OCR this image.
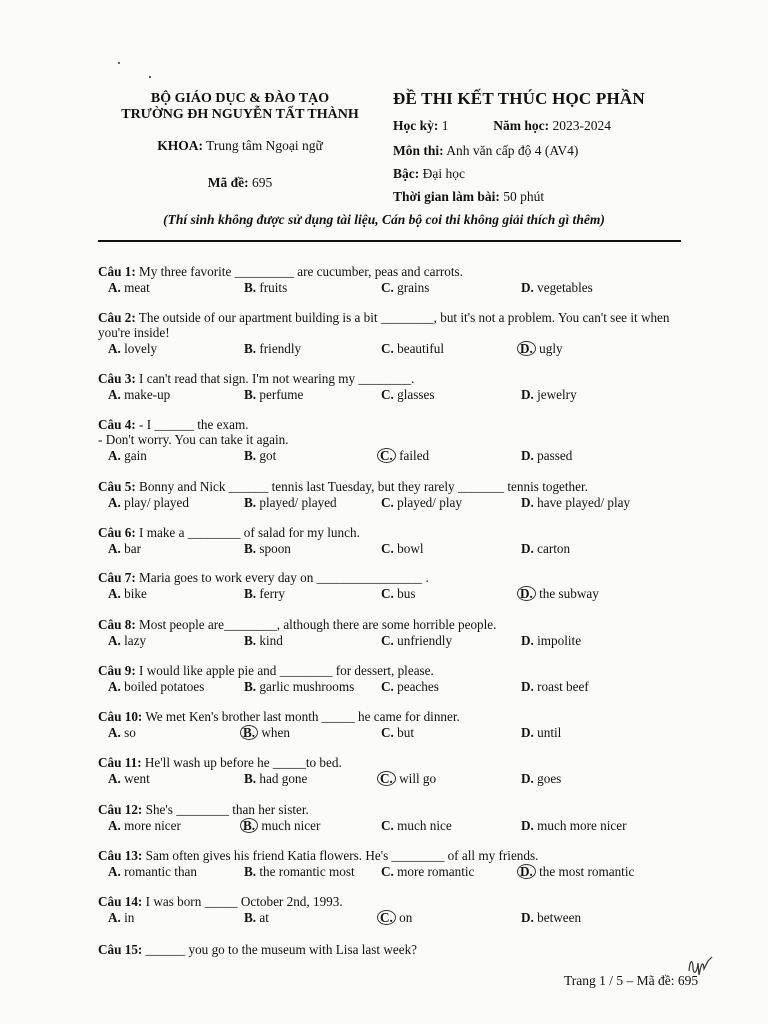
BỘ GIÁO DỤC & ĐÀO TẠO
TRƯỜNG ĐH NGUYỄN TẤT THÀNH
KHOA: Trung tâm Ngoại ngữ
Mã đề: 695
ĐỀ THI KẾT THÚC HỌC PHẦN
Học kỳ: 1	Năm học: 2023-2024
Môn thi: Anh văn cấp độ 4 (AV4)
Bậc: Đại học
Thời gian làm bài: 50 phút
(Thí sinh không được sử dụng tài liệu, Cán bộ coi thi không giải thích gì thêm)
Câu 1: My three favorite _________ are cucumber, peas and carrots.
A. meat	B. fruits	C. grains	D. vegetables
Câu 2: The outside of our apartment building is a bit ________, but it's not a problem. You can't see it when you're inside!
A. lovely	B. friendly	C. beautiful	D. ugly
Câu 3: I can't read that sign. I'm not wearing my ________.
A. make-up	B. perfume	C. glasses	D. jewelry
Câu 4: - I ______ the exam.
- Don't worry. You can take it again.
A. gain	B. got	C. failed	D. passed
Câu 5: Bonny and Nick ______ tennis last Tuesday, but they rarely _______ tennis together.
A. play/ played	B. played/ played	C. played/ play	D. have played/ play
Câu 6: I make a ________ of salad for my lunch.
A. bar	B. spoon	C. bowl	D. carton
Câu 7: Maria goes to work every day on ________________ .
A. bike	B. ferry	C. bus	D. the subway
Câu 8: Most people are________, although there are some horrible people.
A. lazy	B. kind	C. unfriendly	D. impolite
Câu 9: I would like apple pie and ________ for dessert, please.
A. boiled potatoes	B. garlic mushrooms C. peaches	D. roast beef
Câu 10: We met Ken's brother last month _____ he came for dinner.
A. so	B. when	C. but	D. until
Câu 11: He'll wash up before he _____to bed.
A. went	B. had gone	C. will go	D. goes
Câu 12: She's ________ than her sister.
A. more nicer	B. much nicer	C. much nice	D. much more nicer
Câu 13: Sam often gives his friend Katia flowers. He's ________ of all my friends.
A. romantic than	B. the romantic most C. more romantic	D. the most romantic
Câu 14: I was born _____ October 2nd, 1993.
A. in	B. at	C. on	D. between
Câu 15: ______ you go to the museum with Lisa last week?
Trang 1 / 5 – Mã đề: 695
